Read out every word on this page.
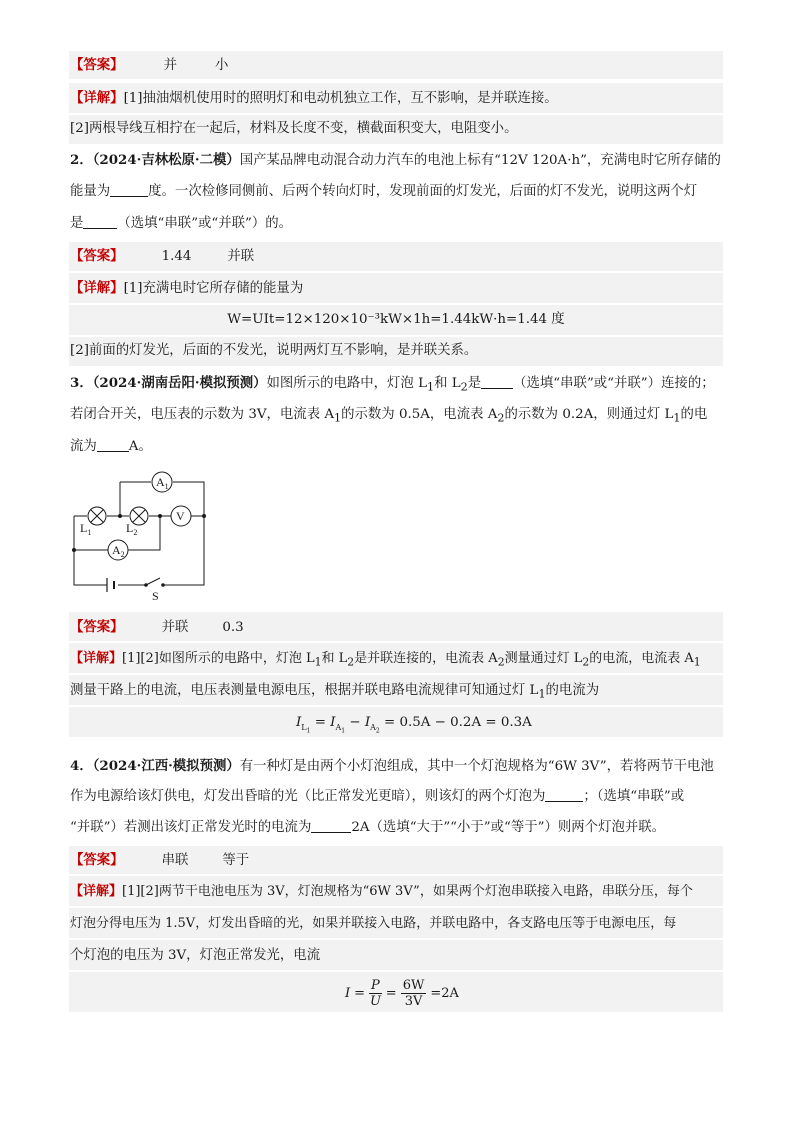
【答案】	并	小
【详解】[1]抽油烟机使用时的照明灯和电动机独立工作，互不影响，是并联连接。
[2]两根导线互相拧在一起后，材料及长度不变，横截面积变大，电阻变小。
2．（2024·吉林松原·二模）国产某品牌电动混合动力汽车的电池上标有“12V 120A·h”，充满电时它所存储的
能量为	度。一次检修同侧前、后两个转向灯时，发现前面的灯发光，后面的灯不发光，说明这两个灯
是	（选填“串联”或“并联”）的。
【答案】	1.44	并联
【详解】[1]充满电时它所存储的能量为
W=UIt=12×120×10⁻³kW×1h=1.44kW·h=1.44 度
[2]前面的灯发光，后面的不发光，说明两灯互不影响，是并联关系。
3．（2024·湖南岳阳·模拟预测）如图所示的电路中，灯泡 $L_1$和 $L_2$是 （选填“串联”或“并联”）连接的；
若闭合开关，电压表的示数为 3V，电流表 $A_1$的示数为 0.5A，电流表 $A_2$的示数为 0.2A，则通过灯 $L_1$的电
流为 A。
$A_1$
V
$A_2$
$L_1$	$L_2$
S
【答案】	并联	0.3
【详解】[1][2]如图所示的电路中，灯泡 $L_1$和 $L_2$是并联连接的，电流表 $A_2$测量通过灯 $L_2$的电流，电流表 $A_1$
测量干路上的电流，电压表测量电源电压，根据并联电路电流规律可知通过灯 $L_1$的电流为
$I_{L_1} = I_{A_1} - I_{A_2} = 0.5A - 0.2A = 0.3A$
4．（2024·江西·模拟预测）有一种灯是由两个小灯泡组成，其中一个灯泡规格为“6W 3V”，若将两节干电池
作为电源给该灯供电，灯发出昏暗的光（比正常发光更暗），则该灯的两个灯泡为	；（选填“串联”或
“并联”）若测出该灯正常发光时的电流为	2A（选填“大于”“小于”或“等于”）则两个灯泡并联。
【答案】	串联	等于
【详解】[1][2]两节干电池电压为 3V，灯泡规格为“6W 3V”，如果两个灯泡串联接入电路，串联分压，每个
灯泡分得电压为 1.5V，灯发出昏暗的光，如果并联接入电路，并联电路中，各支路电压等于电源电压，每
个灯泡的电压为 3V，灯泡正常发光，电流
$I = \frac{P}{U} = \frac{6W}{3V} =2A$
